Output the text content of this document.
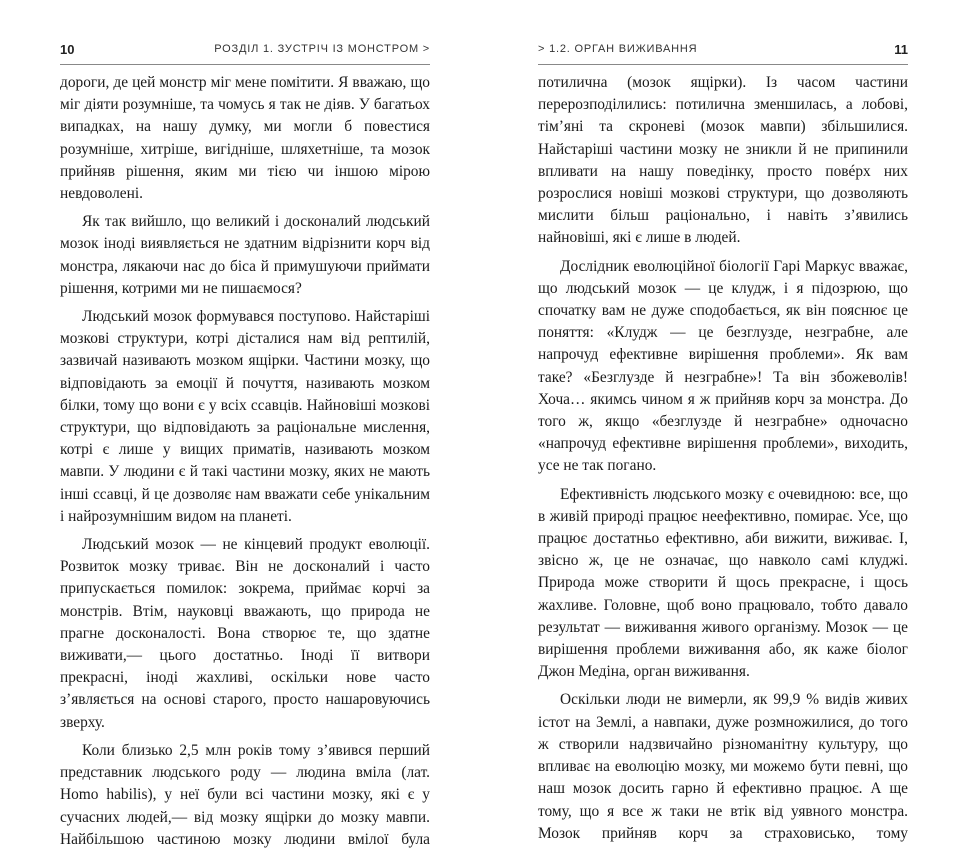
10	РОЗДІЛ 1. ЗУСТРІЧ ІЗ МОНСТРОМ >

дороги, де цей монстр міг мене помітити. Я вважаю, що міг діяти розумніше, та чомусь я так не діяв. У багатьох випадках, на нашу думку, ми могли б повестися розумніше, хитріше, вигідніше, шляхетніше, та мозок прийняв рішення, яким ми тією чи іншою мірою невдоволені.

Як так вийшло, що великий і досконалий людський мозок іноді виявляється не здатним відрізнити корч від монстра, лякаючи нас до біса й примушуючи приймати рішення, котрими ми не пишаємося?

Людський мозок формувався поступово. Найстаріші мозкові структури, котрі дісталися нам від рептилій, зазвичай називають мозком ящірки. Частини мозку, що відповідають за емоції й почуття, називають мозком білки, тому що вони є у всіх ссавців. Найновіші мозкові структури, що відповідають за раціональне мислення, котрі є лише у вищих приматів, називають мозком мавпи. У людини є й такі частини мозку, яких не мають інші ссавці, й це дозволяє нам вважати себе унікальним і найрозумнішим видом на планеті.

Людський мозок — не кінцевий продукт еволюції. Розвиток мозку триває. Він не досконалий і часто припускається помилок: зокрема, приймає корчі за монстрів. Втім, науковці вважають, що природа не прагне досконалості. Вона створює те, що здатне виживати,— цього достатньо. Іноді її витвори прекрасні, іноді жахливі, оскільки нове часто з’являється на основі старого, просто нашаровуючись зверху.

Коли близько 2,5 млн років тому з’явився перший представник людського роду — людина вміла (лат. Homo habilis), у неї були всі частини мозку, які є у сучасних людей,— від мозку ящірки до мозку мавпи. Найбільшою частиною мозку людини вмілої була

> 1.2. ОРГАН ВИЖИВАННЯ	11

потилична (мозок ящірки). Із часом частини перерозподілились: потилична зменшилась, а лобові, тім’яні та скроневі (мозок мавпи) збільшилися. Найстаріші частини мозку не зникли й не припинили впливати на нашу поведінку, просто повéрх них розрослися новіші мозкові структури, що дозволяють мислити більш раціонально, і навіть з’явились найновіші, які є лише в людей.

Дослідник еволюційної біології Гарі Маркус вважає, що людський мозок — це клудж, і я підозрюю, що спочатку вам не дуже сподобається, як він пояснює це поняття: «Клудж — це безглузде, незграбне, але напрочуд ефективне вирішення проблеми». Як вам таке? «Безглузде й незграбне»! Та він збожеволів! Хоча… якимсь чином я ж прийняв корч за монстра. До того ж, якщо «безглузде й незграбне» одночасно «напрочуд ефективне вирішення проблеми», виходить, усе не так погано.

Ефективність людського мозку є очевидною: все, що в живій природі працює неефективно, помирає. Усе, що працює достатньо ефективно, аби вижити, виживає. І, звісно ж, це не означає, що навколо самі клуджі. Природа може створити й щось прекрасне, і щось жахливе. Головне, щоб воно працювало, тобто давало результат — виживання живого організму. Мозок — це вирішення проблеми виживання або, як каже біолог Джон Медіна, орган виживання.

Оскільки люди не вимерли, як 99,9 % видів живих істот на Землі, а навпаки, дуже розмножилися, до того ж створили надзвичайно різноманітну культуру, що впливає на еволюцію мозку, ми можемо бути певні, що наш мозок досить гарно й ефективно працює. А ще тому, що я все ж таки не втік від уявного монстра. Мозок прийняв корч за страховисько, тому
